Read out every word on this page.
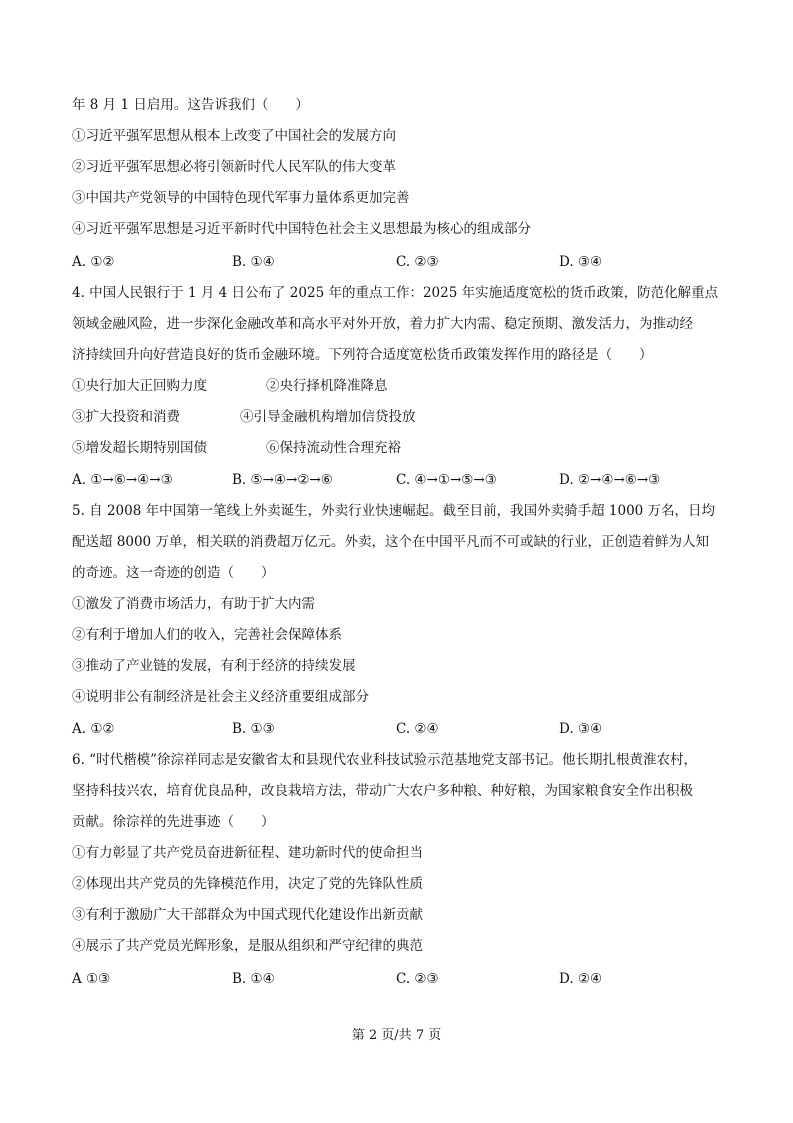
年 8 月 1 日启用。这告诉我们（　　）
①习近平强军思想从根本上改变了中国社会的发展方向
②习近平强军思想必将引领新时代人民军队的伟大变革
③中国共产党领导的中国特色现代军事力量体系更加完善
④习近平强军思想是习近平新时代中国特色社会主义思想最为核心的组成部分
A. ①②	B. ①④	C. ②③	D. ③④
4. 中国人民银行于 1 月 4 日公布了 2025 年的重点工作：2025 年实施适度宽松的货币政策，防范化解重点
领域金融风险，进一步深化金融改革和高水平对外开放，着力扩大内需、稳定预期、激发活力，为推动经
济持续回升向好营造良好的货币金融环境。下列符合适度宽松货币政策发挥作用的路径是（　　）
①央行加大正回购力度	②央行择机降准降息
③扩大投资和消费	④引导金融机构增加信贷投放
⑤增发超长期特别国债	⑥保持流动性合理充裕
A. ①→⑥→④→③	B. ⑤→④→②→⑥	C. ④→①→⑤→③	D. ②→④→⑥→③
5. 自 2008 年中国第一笔线上外卖诞生，外卖行业快速崛起。截至目前，我国外卖骑手超 1000 万名，日均
配送超 8000 万单，相关联的消费超万亿元。外卖，这个在中国平凡而不可或缺的行业，正创造着鲜为人知
的奇迹。这一奇迹的创造（　　）
①激发了消费市场活力，有助于扩大内需
②有利于增加人们的收入，完善社会保障体系
③推动了产业链的发展，有利于经济的持续发展
④说明非公有制经济是社会主义经济重要组成部分
A. ①②	B. ①③	C. ②④	D. ③④
6. “时代楷模”徐淙祥同志是安徽省太和县现代农业科技试验示范基地党支部书记。他长期扎根黄淮农村，
坚持科技兴农，培育优良品种，改良栽培方法，带动广大农户多种粮、种好粮，为国家粮食安全作出积极
贡献。徐淙祥的先进事迹（　　）
①有力彰显了共产党员奋进新征程、建功新时代的使命担当
②体现出共产党员的先锋模范作用，决定了党的先锋队性质
③有利于激励广大干部群众为中国式现代化建设作出新贡献
④展示了共产党员光辉形象，是服从组织和严守纪律的典范
A ①③	B. ①④	C. ②③	D. ②④
第 2 页/共 7 页
